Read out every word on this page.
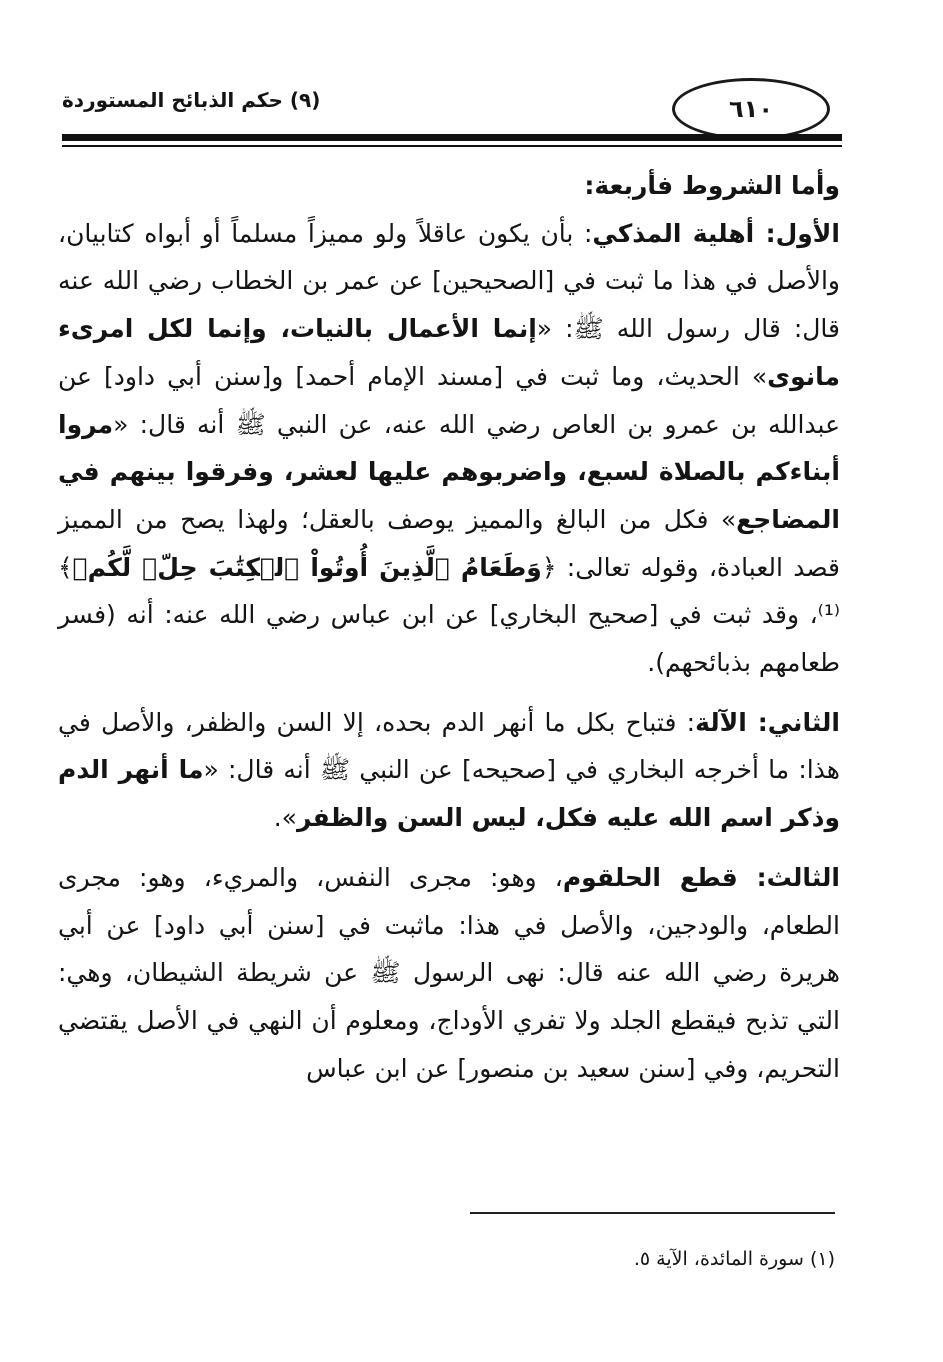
٦١٠
(٩) حكم الذبائح المستوردة

وأما الشروط فأربعة:

الأول: أهلية المذكي: بأن يكون عاقلاً ولو مميزاً مسلماً أو أبواه كتابيان، والأصل في هذا ما ثبت في [الصحيحين] عن عمر بن الخطاب رضي الله عنه قال: قال رسول الله ﷺ: «إنما الأعمال بالنيات، وإنما لكل امرىء مانوى» الحديث، وما ثبت في [مسند الإمام أحمد] و[سنن أبي داود] عن عبدالله بن عمرو بن العاص رضي الله عنه، عن النبي ﷺ أنه قال: «مروا أبناءكم بالصلاة لسبع، واضربوهم عليها لعشر، وفرقوا بينهم في المضاجع» فكل من البالغ والمميز يوصف بالعقل؛ ولهذا يصح من المميز قصد العبادة، وقوله تعالى: ﴿وَطَعَامُ ٱلَّذِينَ أُوتُواْ ٱلۡكِتَٰبَ حِلّٞ لَّكُمۡ﴾⁽¹⁾، وقد ثبت في [صحيح البخاري] عن ابن عباس رضي الله عنه: أنه (فسر طعامهم بذبائحهم).

الثاني: الآلة: فتباح بكل ما أنهر الدم بحده، إلا السن والظفر، والأصل في هذا: ما أخرجه البخاري في [صحيحه] عن النبي ﷺ أنه قال: «ما أنهر الدم وذكر اسم الله عليه فكل، ليس السن والظفر».

الثالث: قطع الحلقوم، وهو: مجرى النفس، والمريء، وهو: مجرى الطعام، والودجين، والأصل في هذا: ماثبت في [سنن أبي داود] عن أبي هريرة رضي الله عنه قال: نهى الرسول ﷺ عن شريطة الشيطان، وهي: التي تذبح فيقطع الجلد ولا تفري الأوداج، ومعلوم أن النهي في الأصل يقتضي التحريم، وفي [سنن سعيد بن منصور] عن ابن عباس

(١) سورة المائدة، الآية ٥.
